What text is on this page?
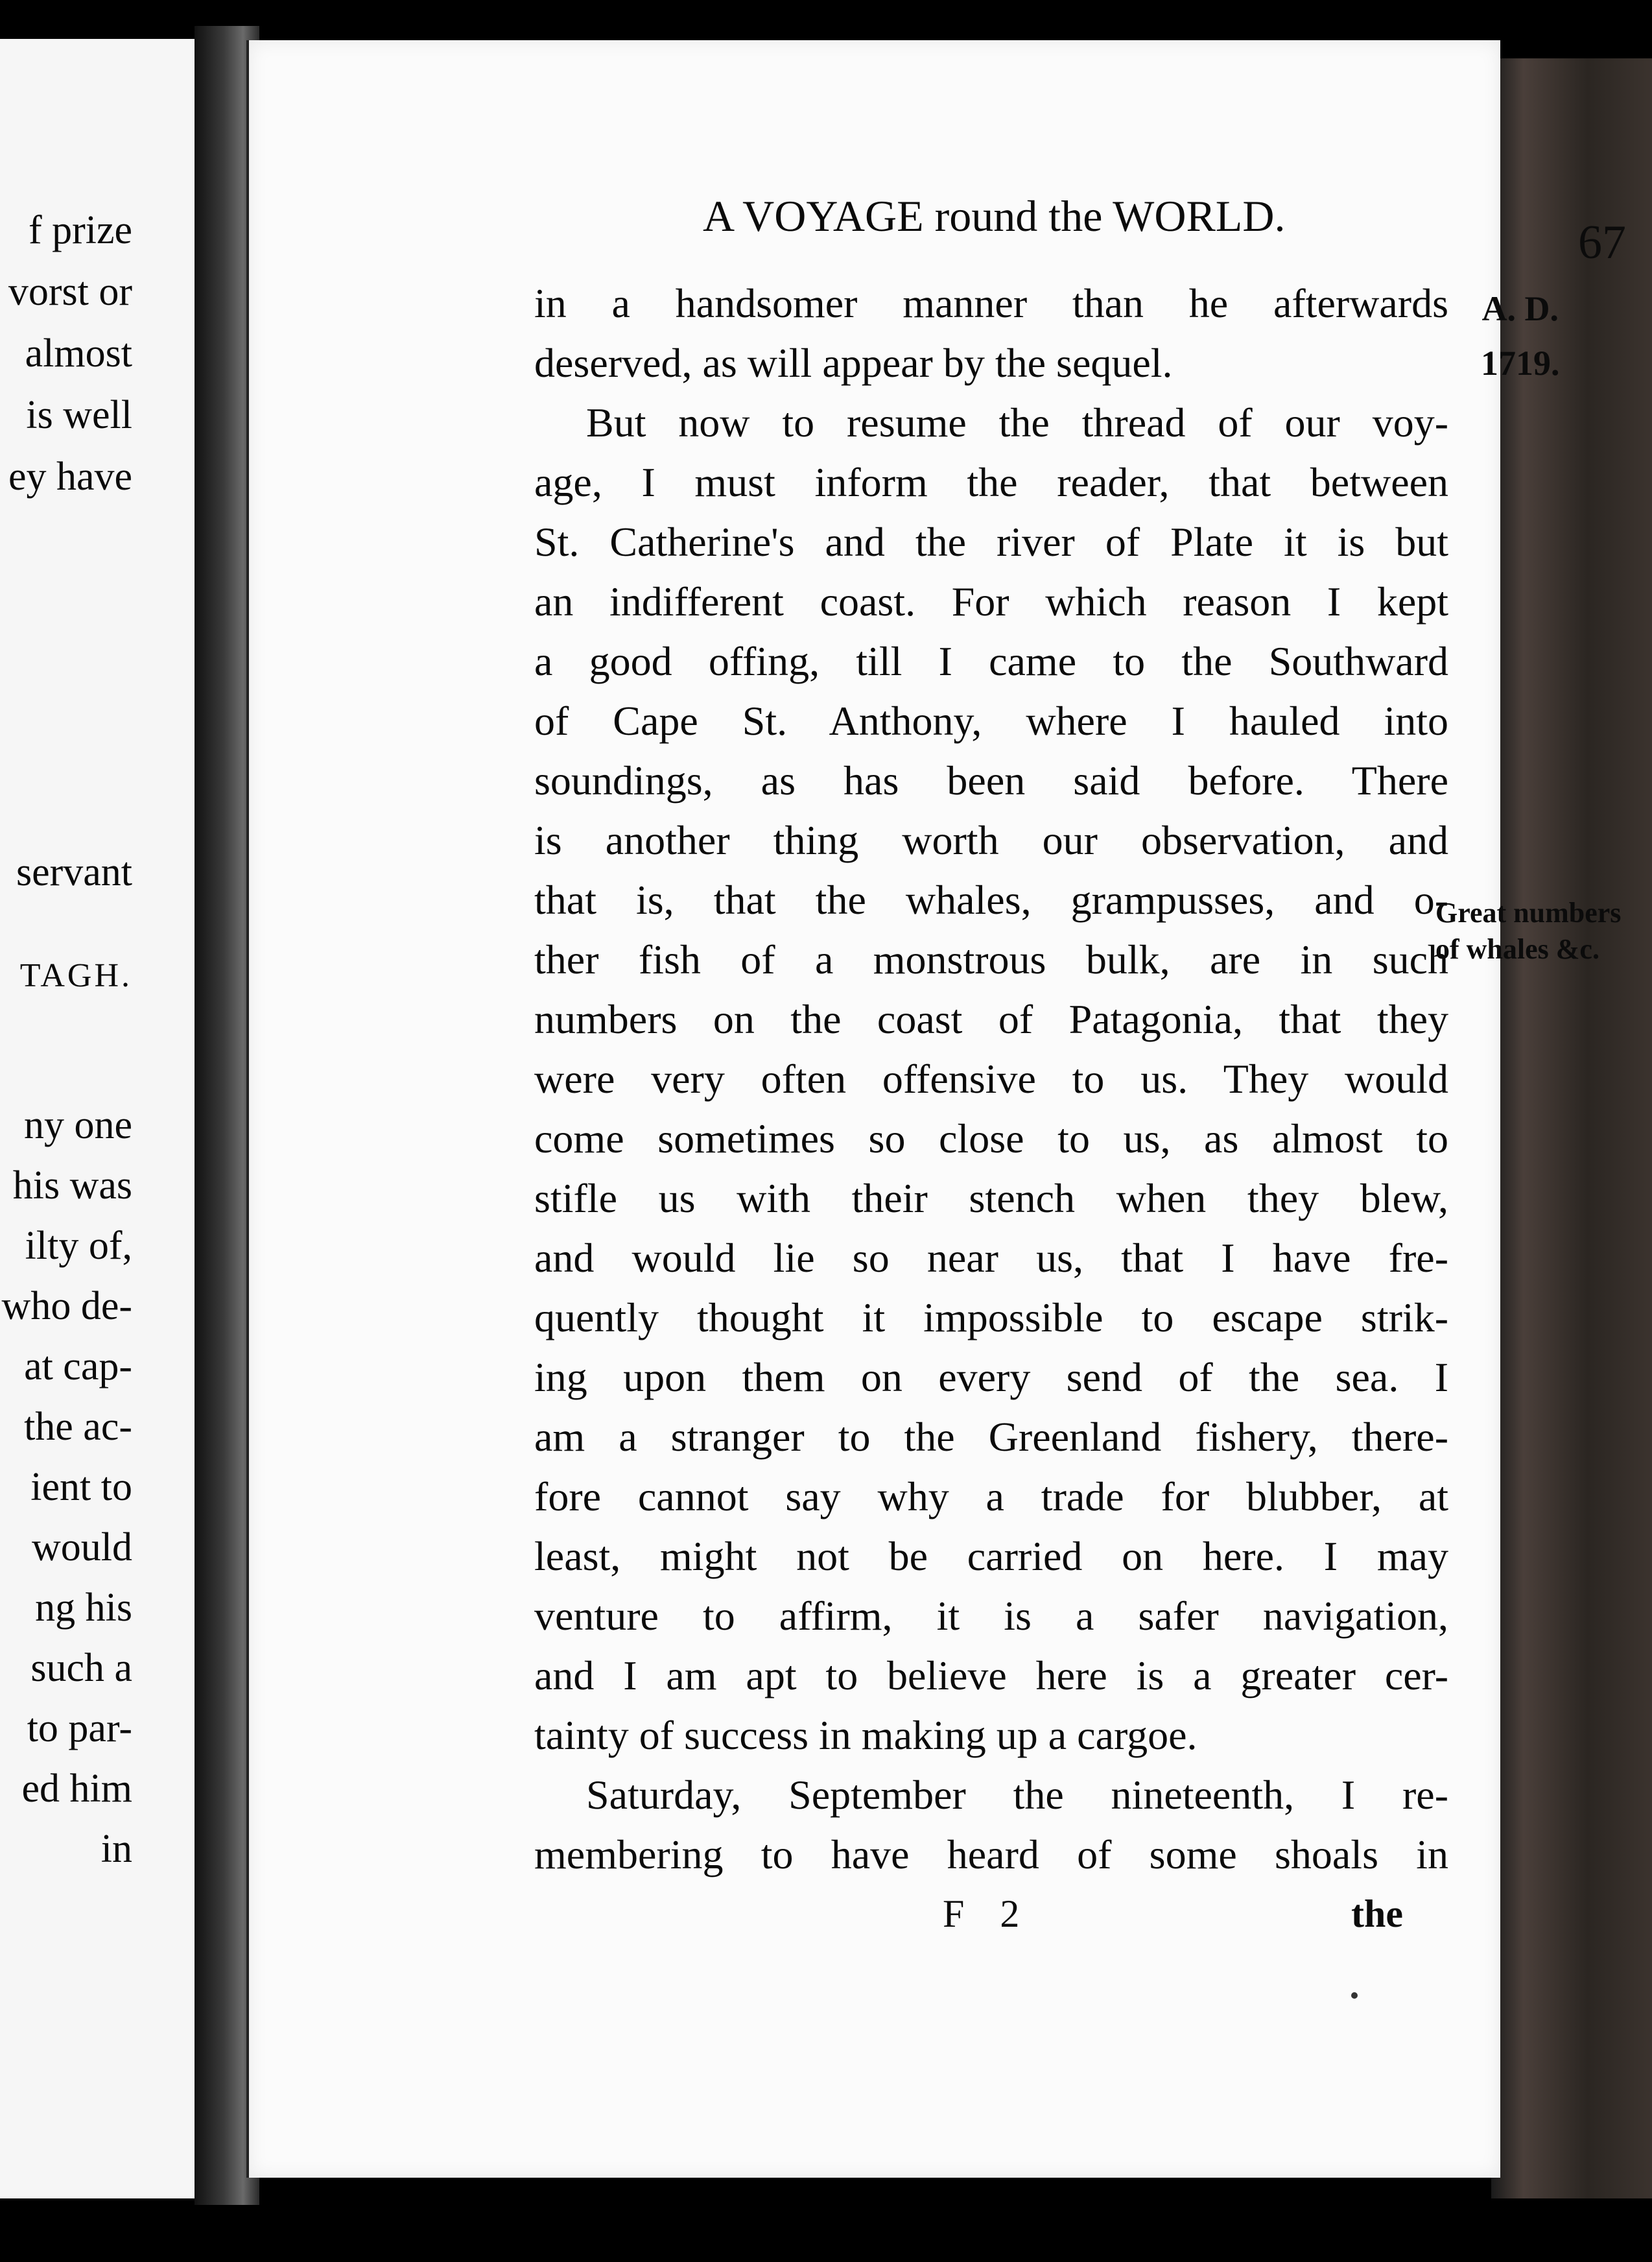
f prize
vorst or
almost
is well
ey have
servant
TAGH.
ny one
his was
ilty of,
who de-
at cap-
the ac-
ient to
would
ng his
such a
to par-
ed him
in
A VOYAGE round the WORLD.	67
A. D.
1719.
Great numbers of whales &c.
in a handsomer manner than he afterwards
deserved, as will appear by the sequel.
But now to resume the thread of our voy-
age, I must inform the reader, that between
St. Catherine's and the river of Plate it is but
an indifferent coast. For which reason I kept
a good offing, till I came to the Southward
of Cape St. Anthony, where I hauled into
soundings, as has been said before. There
is another thing worth our observation, and
that is, that the whales, grampusses, and o-
ther fish of a monstrous bulk, are in such
numbers on the coast of Patagonia, that they
were very often offensive to us. They would
come sometimes so close to us, as almost to
stifle us with their stench when they blew,
and would lie so near us, that I have fre-
quently thought it impossible to escape strik-
ing upon them on every send of the sea. I
am a stranger to the Greenland fishery, there-
fore cannot say why a trade for blubber, at
least, might not be carried on here. I may
venture to affirm, it is a safer navigation,
and I am apt to believe here is a greater cer-
tainty of success in making up a cargoe.
Saturday, September the nineteenth, I re-
membering to have heard of some shoals in
F 2	the
